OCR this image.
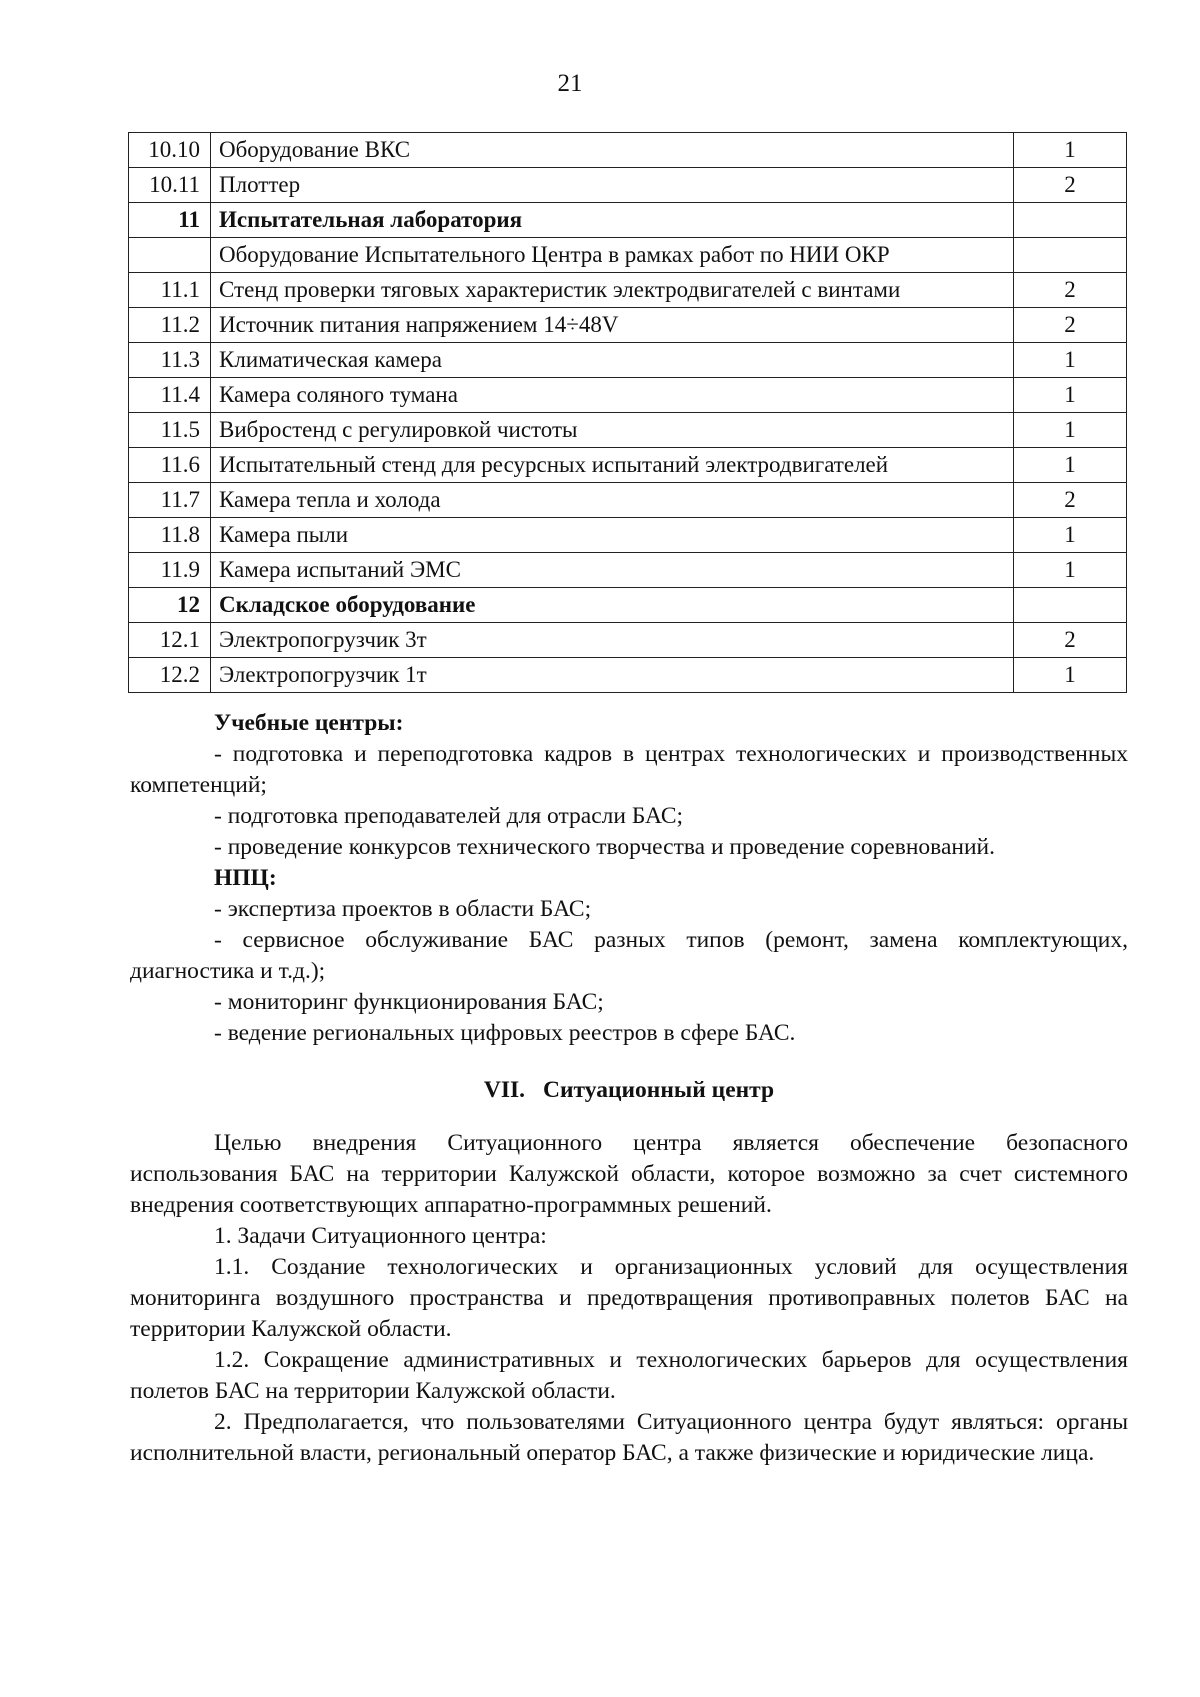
21
10.10	Оборудование ВКС	1
10.11	Плоттер	2
11	Испытательная лаборатория	
	Оборудование Испытательного Центра в рамках работ по НИИ ОКР	
11.1	Стенд проверки тяговых характеристик электродвигателей с винтами	2
11.2	Источник питания напряжением 14÷48V	2
11.3	Климатическая камера	1
11.4	Камера соляного тумана	1
11.5	Вибростенд с регулировкой чистоты	1
11.6	Испытательный стенд для ресурсных испытаний электродвигателей	1
11.7	Камера тепла и холода	2
11.8	Камера пыли	1
11.9	Камера испытаний ЭМС	1
12	Складское оборудование	
12.1	Электропогрузчик 3т	2
12.2	Электропогрузчик 1т	1

Учебные центры:

- подготовка и переподготовка кадров в центрах технологических и производственных компетенций;

- подготовка преподавателей для отрасли БАС;

- проведение конкурсов технического творчества и проведение соревнований.

НПЦ:

- экспертиза проектов в области БАС;

- сервисное обслуживание БАС разных типов (ремонт, замена комплектующих, диагностика и т.д.);

- мониторинг функционирования БАС;

- ведение региональных цифровых реестров в сфере БАС.

VII. Ситуационный центр

Целью внедрения Ситуационного центра является обеспечение безопасного использования БАС на территории Калужской области, которое возможно за счет системного внедрения соответствующих аппаратно-программных решений.

1. Задачи Ситуационного центра:

1.1. Создание технологических и организационных условий для осуществления мониторинга воздушного пространства и предотвращения противоправных полетов БАС на территории Калужской области.

1.2. Сокращение административных и технологических барьеров для осуществления полетов БАС на территории Калужской области.

2. Предполагается, что пользователями Ситуационного центра будут являться: органы исполнительной власти, региональный оператор БАС, а также физические и юридические лица.
